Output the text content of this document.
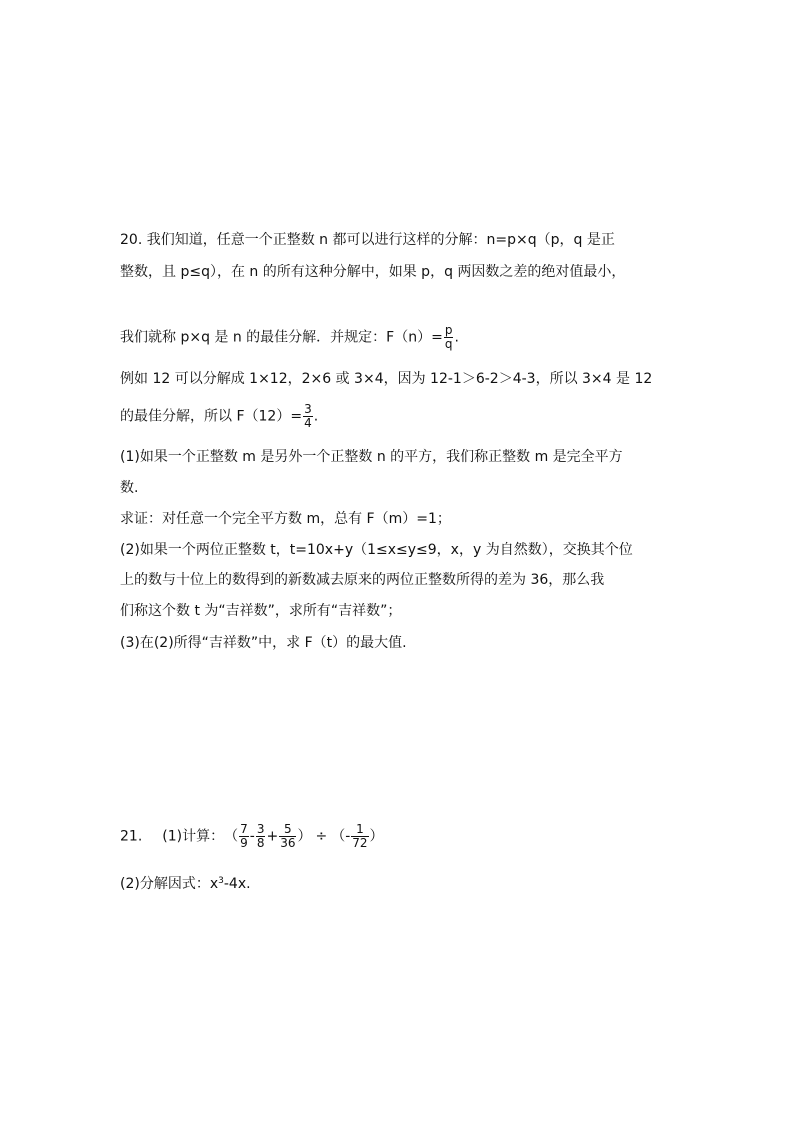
20. 我们知道，任意一个正整数 n 都可以进行这样的分解：n=p×q（p，q 是正
整数，且 p≤q），在 n 的所有这种分解中，如果 p，q 两因数之差的绝对值最小，
我们就称 p×q 是 n 的最佳分解．并规定：$F(n)= \frac{p}{q}$ .
例如 12 可以分解成 1×12，2×6 或 3×4，因为 12-1＞6-2＞4-3，所以 3×4 是 12
的最佳分解，所以 $F(12)= \frac{3}{4}$ .
(1)如果一个正整数 m 是另外一个正整数 n 的平方，我们称正整数 m 是完全平方
数.
求证：对任意一个完全平方数 m，总有 F（m）=1；
(2)如果一个两位正整数 t，t=10x+y（1≤x≤y≤9，x，y 为自然数），交换其个位
上的数与十位上的数得到的新数减去原来的两位正整数所得的差为 36，那么我
们称这个数 t 为“吉祥数”，求所有“吉祥数”；
(3)在(2)所得“吉祥数”中，求 F（t）的最大值.
21. (1)计算：（ $\frac{7}{9} - \frac{3}{8} + \frac{5}{36}$ ） ÷ （- $\frac{1}{72}$ ）
(2)分解因式：$x^3-4x$.
